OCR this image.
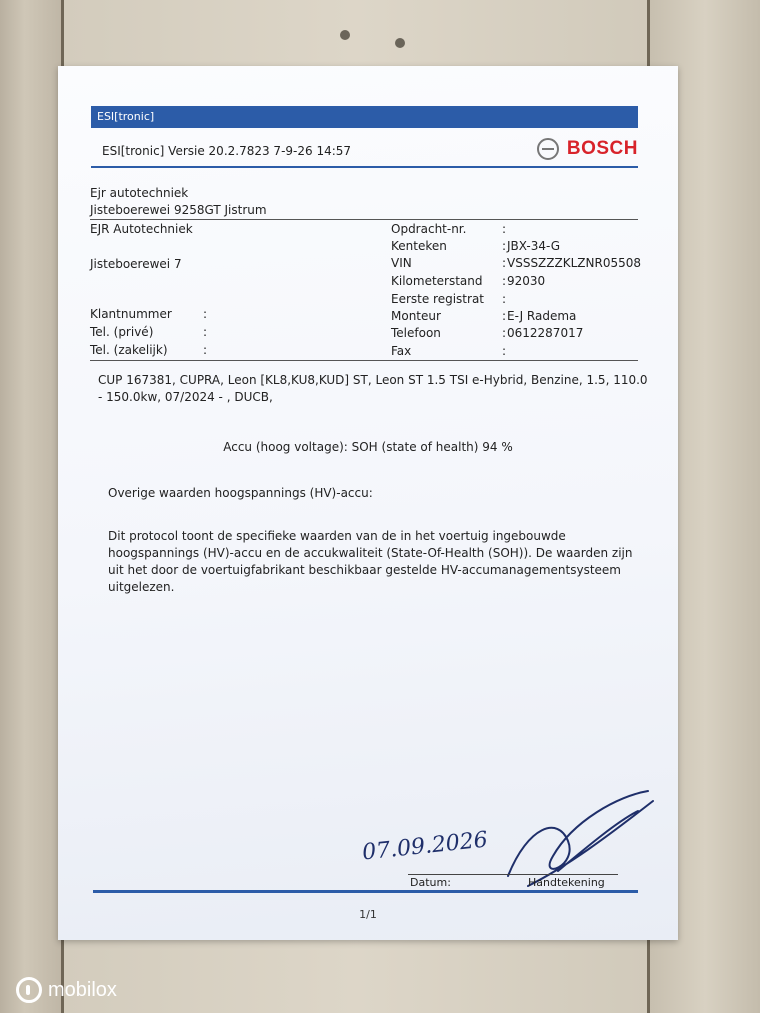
ESI[tronic]
ESI[tronic] Versie 20.2.7823 7-9-26 14:57	BOSCH
Ejr autotechniek
Jisteboerewei 9258GT Jistrum
EJR Autotechniek
Jisteboerewei 7
Klantnummer	:
Tel. (privé)	:
Tel. (zakelijk)	:
Opdracht-nr.	:
Kenteken	: JBX-34-G
VIN	: VSSSZZZKLZNR05508
Kilometerstand : 92030
Eerste registrat :
Monteur	: E-J Radema
Telefoon	: 0612287017
Fax	:
CUP 167381, CUPRA, Leon [KL8,KU8,KUD] ST, Leon ST 1.5 TSI e-Hybrid, Benzine, 1.5, 110.0 - 150.0kw, 07/2024 - , DUCB,
Accu (hoog voltage): SOH (state of health) 94 %
Overige waarden hoogspannings (HV)-accu:
Dit protocol toont de specifieke waarden van de in het voertuig ingebouwde hoogspannings (HV)-accu en de accukwaliteit (State-Of-Health (SOH)). De waarden zijn uit het door de voertuigfabrikant beschikbaar gestelde HV-accumanagementsysteem uitgelezen.
07.09.2026
Datum:	Handtekening
1/1
mobilox
